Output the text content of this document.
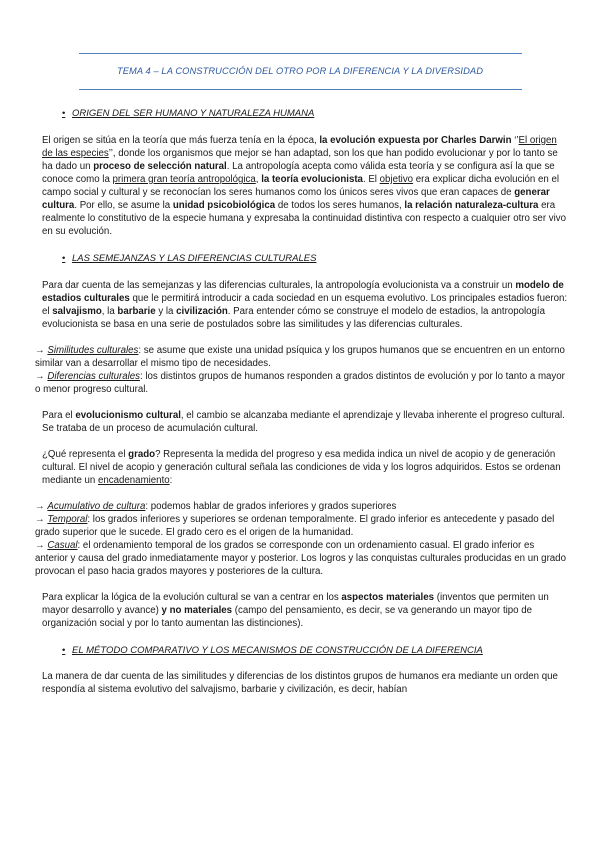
TEMA 4 – LA CONSTRUCCIÓN DEL OTRO POR LA DIFERENCIA Y LA DIVERSIDAD
• ORIGEN DEL SER HUMANO Y NATURALEZA HUMANA

El origen se sitúa en la teoría que más fuerza tenía en la época, la evolución expuesta por Charles Darwin ‘’El origen de las especies’’, donde los organismos que mejor se han adaptad, son los que han podido evolucionar y por lo tanto se ha dado un proceso de selección natural. La antropología acepta como válida esta teoría y se configura así la que se conoce como la primera gran teoría antropológica, la teoría evolucionista. El objetivo era explicar dicha evolución en el campo social y cultural y se reconocían los seres humanos como los únicos seres vivos que eran capaces de generar cultura. Por ello, se asume la unidad psicobiológica de todos los seres humanos, la relación naturaleza-cultura era realmente lo constitutivo de la especie humana y expresaba la continuidad distintiva con respecto a cualquier otro ser vivo en su evolución.

• LAS SEMEJANZAS Y LAS DIFERENCIAS CULTURALES

Para dar cuenta de las semejanzas y las diferencias culturales, la antropología evolucionista va a construir un modelo de estadios culturales que le permitirá introducir a cada sociedad en un esquema evolutivo. Los principales estadios fueron: el salvajismo, la barbarie y la civilización. Para entender cómo se construye el modelo de estadios, la antropología evolucionista se basa en una serie de postulados sobre las similitudes y las diferencias culturales.

→ Similitudes culturales: se asume que existe una unidad psíquica y los grupos humanos que se encuentren en un entorno similar van a desarrollar el mismo tipo de necesidades.

→ Diferencias culturales: los distintos grupos de humanos responden a grados distintos de evolución y por lo tanto a mayor o menor progreso cultural.

Para el evolucionismo cultural, el cambio se alcanzaba mediante el aprendizaje y llevaba inherente el progreso cultural. Se trataba de un proceso de acumulación cultural.

¿Qué representa el grado? Representa la medida del progreso y esa medida indica un nivel de acopio y de generación cultural. El nivel de acopio y generación cultural señala las condiciones de vida y los logros adquiridos. Estos se ordenan mediante un encadenamiento:

→ Acumulativo de cultura: podemos hablar de grados inferiores y grados superiores

→ Temporal: los grados inferiores y superiores se ordenan temporalmente. El grado inferior es antecedente y pasado del grado superior que le sucede. El grado cero es el origen de la humanidad.

→ Casual: el ordenamiento temporal de los grados se corresponde con un ordenamiento casual. El grado inferior es anterior y causa del grado inmediatamente mayor y posterior. Los logros y las conquistas culturales producidas en un grado provocan el paso hacia grados mayores y posteriores de la cultura.

Para explicar la lógica de la evolución cultural se van a centrar en los aspectos materiales (inventos que permiten un mayor desarrollo y avance) y no materiales (campo del pensamiento, es decir, se va generando un mayor tipo de organización social y por lo tanto aumentan las distinciones).

• EL MÉTODO COMPARATIVO Y LOS MECANISMOS DE CONSTRUCCIÓN DE LA DIFERENCIA

La manera de dar cuenta de las similitudes y diferencias de los distintos grupos de humanos era mediante un orden que respondía al sistema evolutivo del salvajismo, barbarie y civilización, es decir, habían
